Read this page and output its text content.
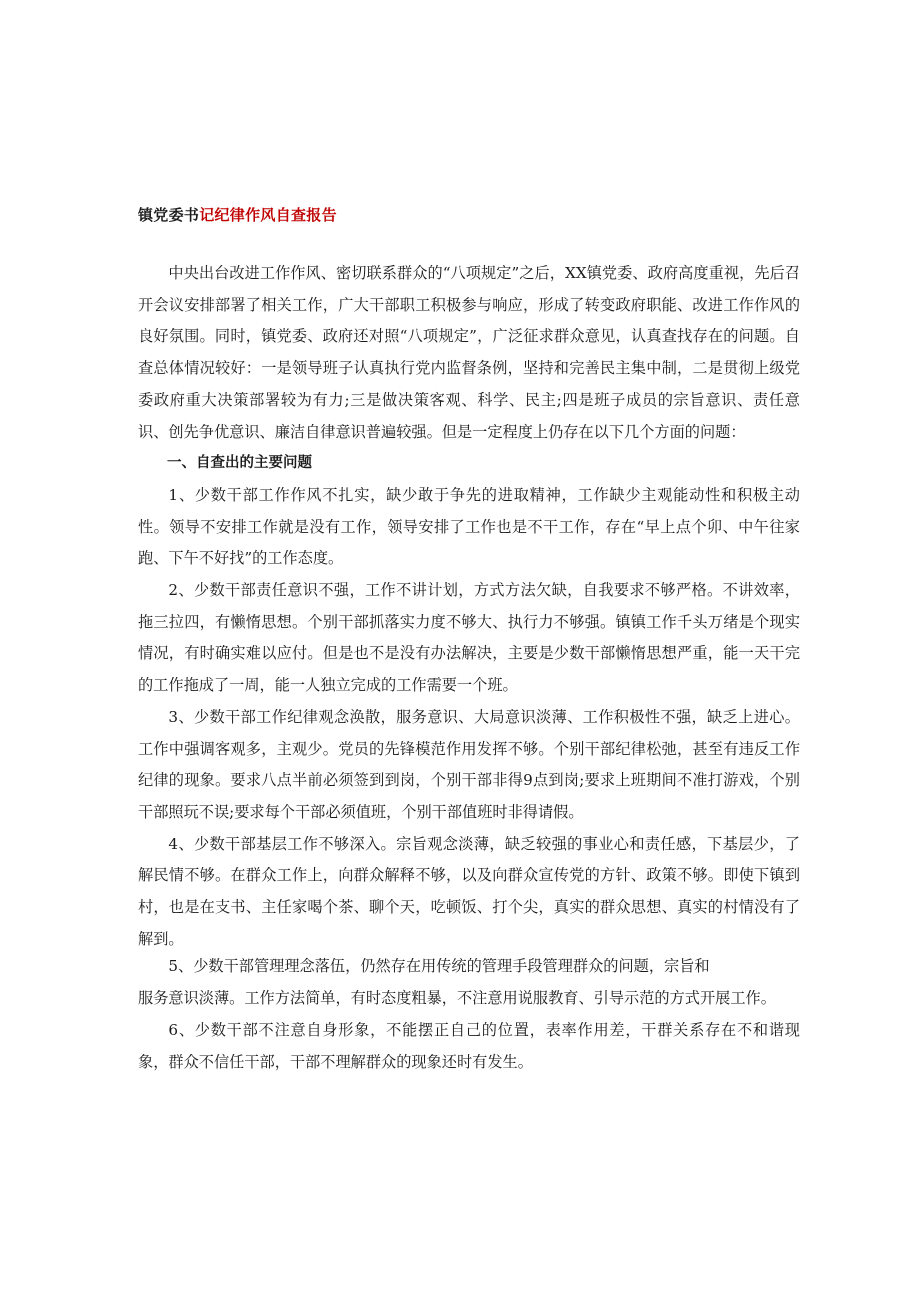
镇党委书记纪律作风自查报告

中央出台改进工作作风、密切联系群众的“八项规定”之后，XX镇党委、政府高度重视，先后召开会议安排部署了相关工作，广大干部职工积极参与响应，形成了转变政府职能、改进工作作风的良好氛围。同时，镇党委、政府还对照“八项规定”，广泛征求群众意见，认真查找存在的问题。自查总体情况较好：一是领导班子认真执行党内监督条例，坚持和完善民主集中制，二是贯彻上级党委政府重大决策部署较为有力;三是做决策客观、科学、民主;四是班子成员的宗旨意识、责任意识、创先争优意识、廉洁自律意识普遍较强。但是一定程度上仍存在以下几个方面的问题：

一、自查出的主要问题

1、少数干部工作作风不扎实，缺少敢于争先的进取精神，工作缺少主观能动性和积极主动性。领导不安排工作就是没有工作，领导安排了工作也是不干工作，存在“早上点个卯、中午往家跑、下午不好找”的工作态度。

2、少数干部责任意识不强，工作不讲计划，方式方法欠缺，自我要求不够严格。不讲效率，拖三拉四，有懒惰思想。个别干部抓落实力度不够大、执行力不够强。镇镇工作千头万绪是个现实情况，有时确实难以应付。但是也不是没有办法解决，主要是少数干部懒惰思想严重，能一天干完的工作拖成了一周，能一人独立完成的工作需要一个班。

3、少数干部工作纪律观念涣散，服务意识、大局意识淡薄、工作积极性不强，缺乏上进心。工作中强调客观多，主观少。党员的先锋模范作用发挥不够。个别干部纪律松弛，甚至有违反工作纪律的现象。要求八点半前必须签到到岗，个别干部非得9点到岗;要求上班期间不准打游戏，个别干部照玩不误;要求每个干部必须值班，个别干部值班时非得请假。

4、少数干部基层工作不够深入。宗旨观念淡薄，缺乏较强的事业心和责任感，下基层少，了解民情不够。在群众工作上，向群众解释不够，以及向群众宣传党的方针、政策不够。即使下镇到村，也是在支书、主任家喝个茶、聊个天，吃顿饭、打个尖，真实的群众思想、真实的村情没有了解到。

5、少数干部管理理念落伍，仍然存在用传统的管理手段管理群众的问题，宗旨和

服务意识淡薄。工作方法简单，有时态度粗暴，不注意用说服教育、引导示范的方式开展工作。

6、少数干部不注意自身形象，不能摆正自己的位置，表率作用差，干群关系存在不和谐现象，群众不信任干部，干部不理解群众的现象还时有发生。
